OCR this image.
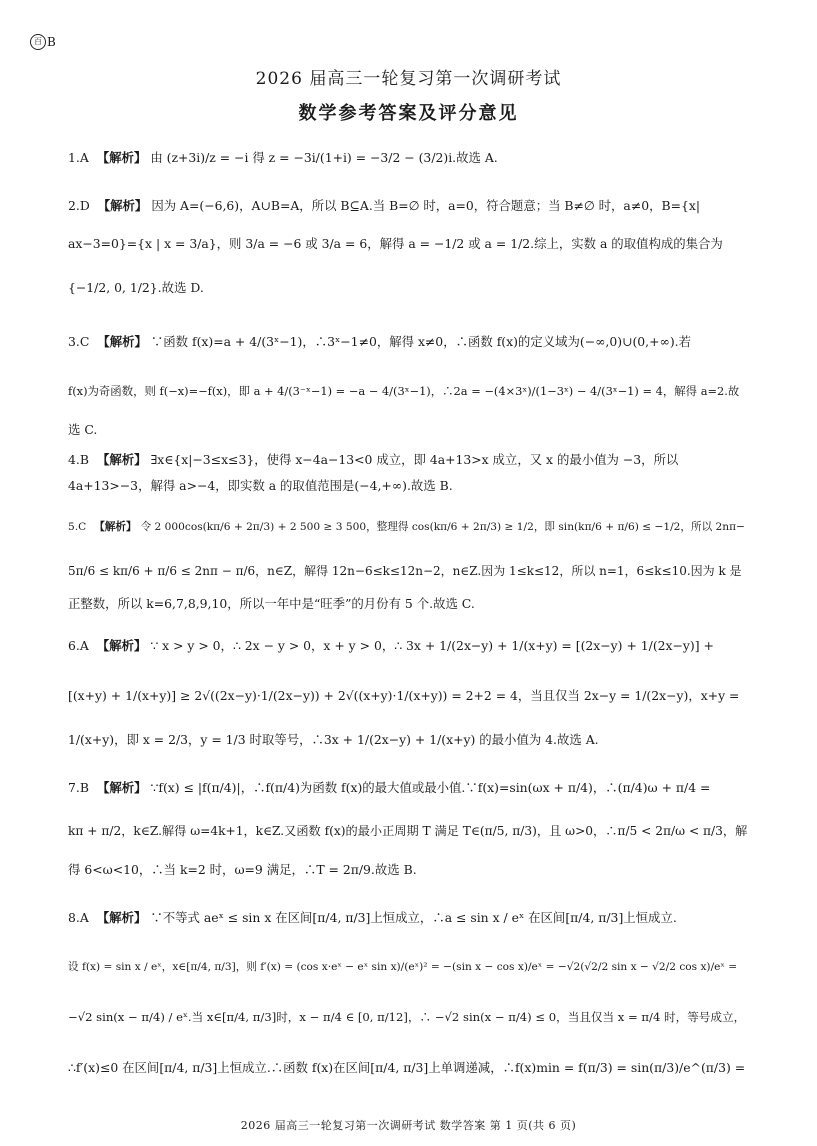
百 B
2026 届高三一轮复习第一次调研考试
数学参考答案及评分意见
1.A 【解析】 由 (z+3i)/z = −i 得 z = −3i/(1+i) = −3/2 − (3/2)i.故选 A.
2.D 【解析】 因为 A=(−6,6)，A∪B=A，所以 B⊆A.当 B=∅ 时，a=0，符合题意；当 B≠∅ 时，a≠0，B={x|
ax−3=0}={x | x = 3/a}，则 3/a = −6 或 3/a = 6，解得 a = −1/2 或 a = 1/2.综上，实数 a 的取值构成的集合为
{−1/2, 0, 1/2}.故选 D.
3.C 【解析】 ∵函数 f(x)=a + 4/(3ˣ−1)，∴3ˣ−1≠0，解得 x≠0，∴函数 f(x)的定义域为(−∞,0)∪(0,+∞).若
f(x)为奇函数，则 f(−x)=−f(x)，即 a + 4/(3⁻ˣ−1) = −a − 4/(3ˣ−1)，∴2a = −(4×3ˣ)/(1−3ˣ) − 4/(3ˣ−1) = 4，解得 a=2.故
选 C.
4.B 【解析】 ∃x∈{x|−3≤x≤3}，使得 x−4a−13<0 成立，即 4a+13>x 成立，又 x 的最小值为 −3，所以
4a+13>−3，解得 a>−4，即实数 a 的取值范围是(−4,+∞).故选 B.
5.C 【解析】 令 2 000cos(kπ/6 + 2π/3) + 2 500 ≥ 3 500，整理得 cos(kπ/6 + 2π/3) ≥ 1/2，即 sin(kπ/6 + π/6) ≤ −1/2，所以 2nπ−
5π/6 ≤ kπ/6 + π/6 ≤ 2nπ − π/6，n∈Z，解得 12n−6≤k≤12n−2，n∈Z.因为 1≤k≤12，所以 n=1，6≤k≤10.因为 k 是
正整数，所以 k=6,7,8,9,10，所以一年中是“旺季”的月份有 5 个.故选 C.
6.A 【解析】 ∵ x > y > 0，∴ 2x − y > 0，x + y > 0，∴ 3x + 1/(2x−y) + 1/(x+y) = [(2x−y) + 1/(2x−y)] +
[(x+y) + 1/(x+y)] ≥ 2√((2x−y)·1/(2x−y)) + 2√((x+y)·1/(x+y)) = 2+2 = 4，当且仅当 2x−y = 1/(2x−y)，x+y =
1/(x+y)，即 x = 2/3，y = 1/3 时取等号，∴3x + 1/(2x−y) + 1/(x+y) 的最小值为 4.故选 A.
7.B 【解析】 ∵f(x) ≤ |f(π/4)|，∴f(π/4)为函数 f(x)的最大值或最小值.∵f(x)=sin(ωx + π/4)，∴(π/4)ω + π/4 =
kπ + π/2，k∈Z.解得 ω=4k+1，k∈Z.又函数 f(x)的最小正周期 T 满足 T∈(π/5, π/3)，且 ω>0，∴π/5 < 2π/ω < π/3，解
得 6<ω<10，∴当 k=2 时，ω=9 满足，∴T = 2π/9.故选 B.
8.A 【解析】 ∵不等式 aeˣ ≤ sin x 在区间[π/4, π/3]上恒成立，∴a ≤ sin x / eˣ 在区间[π/4, π/3]上恒成立.
设 f(x) = sin x / eˣ，x∈[π/4, π/3]，则 f′(x) = (cos x·eˣ − eˣ sin x)/(eˣ)² = −(sin x − cos x)/eˣ = −√2(√2/2 sin x − √2/2 cos x)/eˣ =
−√2 sin(x − π/4) / eˣ.当 x∈[π/4, π/3]时，x − π/4 ∈ [0, π/12]，∴ −√2 sin(x − π/4) ≤ 0，当且仅当 x = π/4 时，等号成立，
∴f′(x)≤0 在区间[π/4, π/3]上恒成立.∴函数 f(x)在区间[π/4, π/3]上单调递减，∴f(x)min = f(π/3) = sin(π/3)/e^(π/3) =
2026 届高三一轮复习第一次调研考试 数学答案 第 1 页(共 6 页)
